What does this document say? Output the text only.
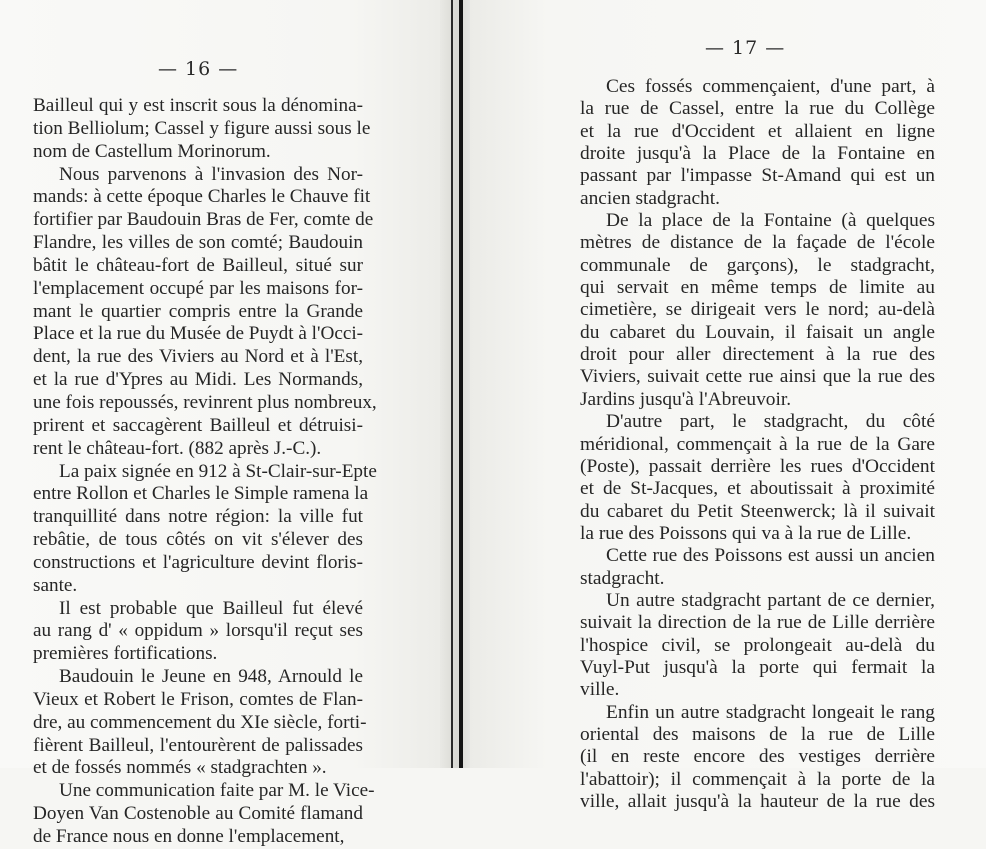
— 16 —
Bailleul qui y est inscrit sous la dénomina-
tion Belliolum; Cassel y figure aussi sous le
nom de Castellum Morinorum.
Nous parvenons à l'invasion des Nor-
mands: à cette époque Charles le Chauve fit
fortifier par Baudouin Bras de Fer, comte de
Flandre, les villes de son comté; Baudouin
bâtit le château-fort de Bailleul, situé sur
l'emplacement occupé par les maisons for-
mant le quartier compris entre la Grande
Place et la rue du Musée de Puydt à l'Occi-
dent, la rue des Viviers au Nord et à l'Est,
et la rue d'Ypres au Midi. Les Normands,
une fois repoussés, revinrent plus nombreux,
prirent et saccagèrent Bailleul et détruisi-
rent le château-fort. (882 après J.-C.).
La paix signée en 912 à St-Clair-sur-Epte
entre Rollon et Charles le Simple ramena la
tranquillité dans notre région: la ville fut
rebâtie, de tous côtés on vit s'élever des
constructions et l'agriculture devint floris-
sante.
Il est probable que Bailleul fut élevé
au rang d' « oppidum » lorsqu'il reçut ses
premières fortifications.
Baudouin le Jeune en 948, Arnould le
Vieux et Robert le Frison, comtes de Flan-
dre, au commencement du XIe siècle, forti-
fièrent Bailleul, l'entourèrent de palissades
et de fossés nommés « stadgrachten ».
Une communication faite par M. le Vice-
Doyen Van Costenoble au Comité flamand
de France nous en donne l'emplacement,
— 17 —
Ces fossés commençaient, d'une part, à
la rue de Cassel, entre la rue du Collège
et la rue d'Occident et allaient en ligne
droite jusqu'à la Place de la Fontaine en
passant par l'impasse St-Amand qui est un
ancien stadgracht.
De la place de la Fontaine (à quelques
mètres de distance de la façade de l'école
communale de garçons), le stadgracht,
qui servait en même temps de limite au
cimetière, se dirigeait vers le nord; au-delà
du cabaret du Louvain, il faisait un angle
droit pour aller directement à la rue des
Viviers, suivait cette rue ainsi que la rue des
Jardins jusqu'à l'Abreuvoir.
D'autre part, le stadgracht, du côté
méridional, commençait à la rue de la Gare
(Poste), passait derrière les rues d'Occident
et de St-Jacques, et aboutissait à proximité
du cabaret du Petit Steenwerck; là il suivait
la rue des Poissons qui va à la rue de Lille.
Cette rue des Poissons est aussi un ancien
stadgracht.
Un autre stadgracht partant de ce dernier,
suivait la direction de la rue de Lille derrière
l'hospice civil, se prolongeait au-delà du
Vuyl-Put jusqu'à la porte qui fermait la
ville.
Enfin un autre stadgracht longeait le rang
oriental des maisons de la rue de Lille
(il en reste encore des vestiges derrière
l'abattoir); il commençait à la porte de la
ville, allait jusqu'à la hauteur de la rue des
